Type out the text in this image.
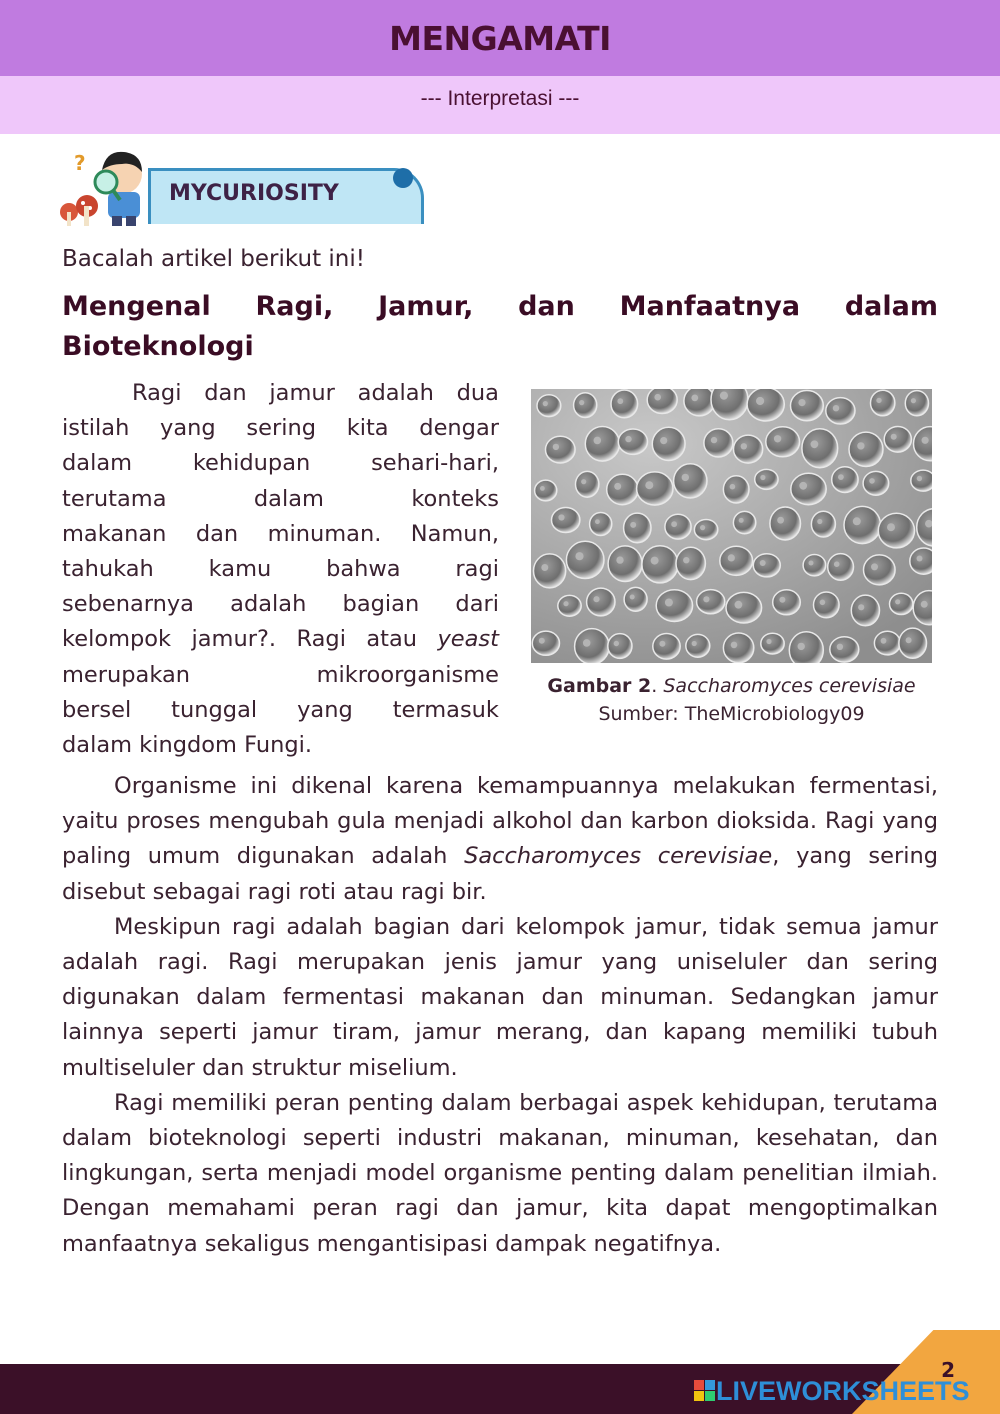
MENGAMATI

--- Interpretasi ---

?
MYCURIOSITY
Bacalah artikel berikut ini!
Mengenal Ragi, Jamur, dan Manfaatnya dalam
Bioteknologi
Ragi dan jamur adalah dua
istilah yang sering kita dengar
dalam	kehidupan	sehari-hari,
terutama	dalam	konteks
makanan dan minuman. Namun,
tahukah kamu bahwa ragi
sebenarnya adalah bagian dari
kelompok jamur?. Ragi atau yeast
merupakan	mikroorganisme
bersel tunggal yang termasuk
dalam kingdom Fungi.
Gambar 2. Saccharomyces cerevisiae
Sumber: TheMicrobiology09

Organisme ini dikenal karena kemampuannya melakukan fermentasi, yaitu proses mengubah gula menjadi alkohol dan karbon dioksida. Ragi yang paling umum digunakan adalah Saccharomyces cerevisiae, yang sering disebut sebagai ragi roti atau ragi bir.

Meskipun ragi adalah bagian dari kelompok jamur, tidak semua jamur adalah ragi. Ragi merupakan jenis jamur yang uniseluler dan sering digunakan dalam fermentasi makanan dan minuman. Sedangkan jamur lainnya seperti jamur tiram, jamur merang, dan kapang memiliki tubuh multiseluler dan struktur miselium.

Ragi memiliki peran penting dalam berbagai aspek kehidupan, terutama dalam bioteknologi seperti industri makanan, minuman, kesehatan, dan lingkungan, serta menjadi model organisme penting dalam penelitian ilmiah. Dengan memahami peran ragi dan jamur, kita dapat mengoptimalkan manfaatnya sekaligus mengantisipasi dampak negatifnya.

2
LIVEWORKSHEETS
